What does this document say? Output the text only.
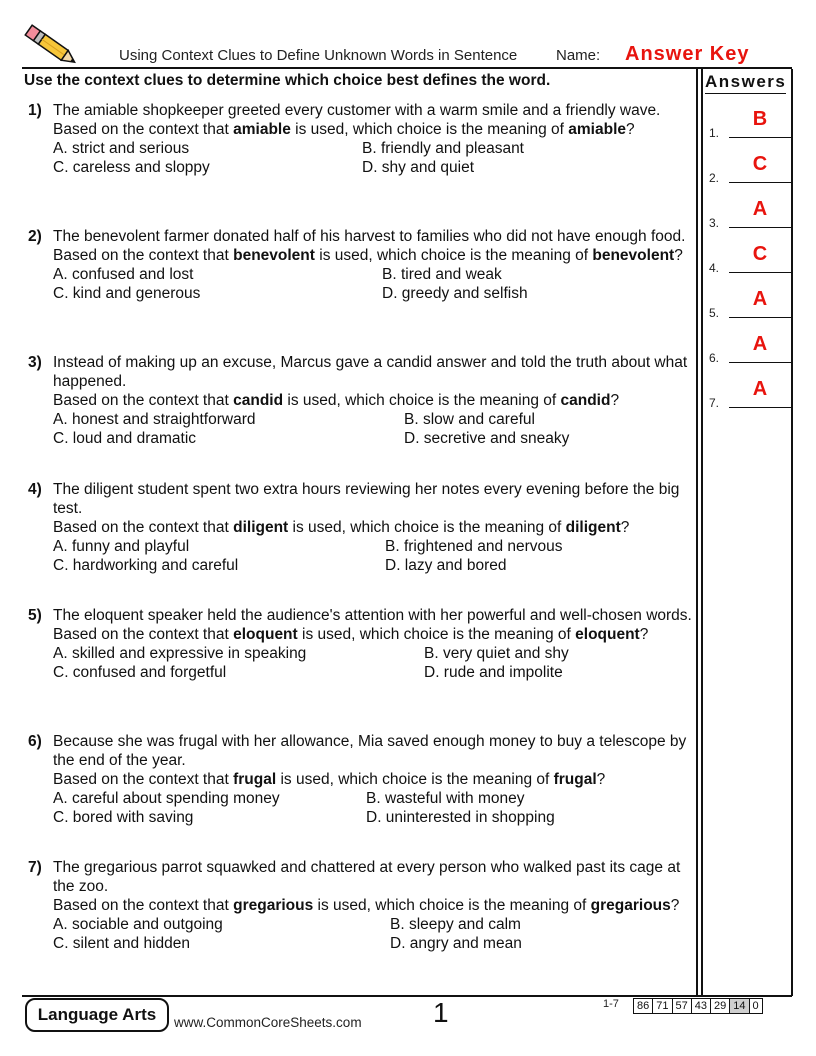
Using Context Clues to Define Unknown Words in Sentence	Name: Answer Key
Use the context clues to determine which choice best defines the word.	Answers
1.
B
2.
C
3.
A
4.
C
5.
A
6.
A
7.
A
1) The amiable shopkeeper greeted every customer with a warm smile and a friendly wave.
Based on the context that amiable is used, which choice is the meaning of amiable?
A. strict and serious	B. friendly and pleasant
C. careless and sloppy	D. shy and quiet
2) The benevolent farmer donated half of his harvest to families who did not have enough food.
Based on the context that benevolent is used, which choice is the meaning of benevolent?
A. confused and lost	B. tired and weak
C. kind and generous	D. greedy and selfish
3) Instead of making up an excuse, Marcus gave a candid answer and told the truth about what happened.
Based on the context that candid is used, which choice is the meaning of candid?
A. honest and straightforward	B. slow and careful
C. loud and dramatic	D. secretive and sneaky
4) The diligent student spent two extra hours reviewing her notes every evening before the big test.
Based on the context that diligent is used, which choice is the meaning of diligent?
A. funny and playful	B. frightened and nervous
C. hardworking and careful	D. lazy and bored
5) The eloquent speaker held the audience's attention with her powerful and well-chosen words.
Based on the context that eloquent is used, which choice is the meaning of eloquent?
A. skilled and expressive in speaking	B. very quiet and shy
C. confused and forgetful	D. rude and impolite
6) Because she was frugal with her allowance, Mia saved enough money to buy a telescope by the end of the year.
Based on the context that frugal is used, which choice is the meaning of frugal?
A. careful about spending money	B. wasteful with money
C. bored with saving	D. uninterested in shopping
7) The gregarious parrot squawked and chattered at every person who walked past its cage at the zoo.
Based on the context that gregarious is used, which choice is the meaning of gregarious?
A. sociable and outgoing	B. sleepy and calm
C. silent and hidden	D. angry and mean
Language Arts	www.CommonCoreSheets.com	1	1-7 86 71 57 43 29 14 0
